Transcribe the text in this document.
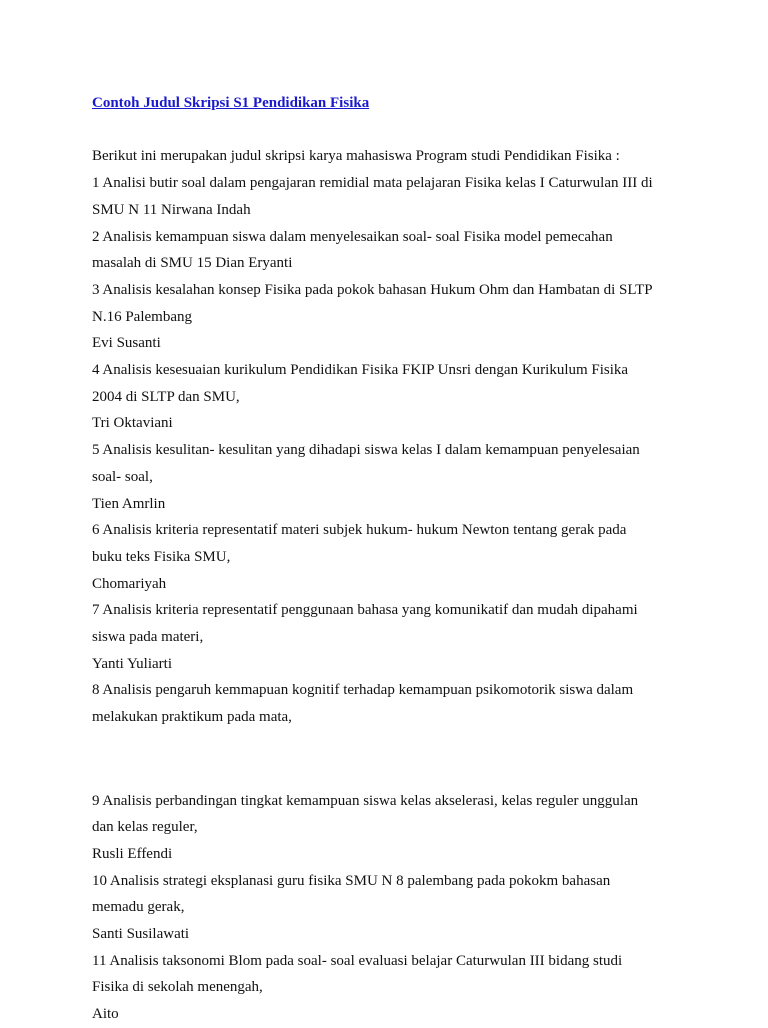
Contoh Judul Skripsi S1 Pendidikan Fisika

Berikut ini merupakan judul skripsi karya mahasiswa Program studi Pendidikan Fisika :

1 Analisi butir soal dalam pengajaran remidial mata pelajaran Fisika kelas I Caturwulan III di

SMU N 11 Nirwana Indah

2 Analisis kemampuan siswa dalam menyelesaikan soal- soal Fisika model pemecahan

masalah di SMU 15 Dian Eryanti

3 Analisis kesalahan konsep Fisika pada pokok bahasan Hukum Ohm dan Hambatan di SLTP

N.16 Palembang

Evi Susanti

4 Analisis kesesuaian kurikulum Pendidikan Fisika FKIP Unsri dengan Kurikulum Fisika

2004 di SLTP dan SMU,

Tri Oktaviani

5 Analisis kesulitan- kesulitan yang dihadapi siswa kelas I dalam kemampuan penyelesaian

soal- soal,

Tien Amrlin

6 Analisis kriteria representatif materi subjek hukum- hukum Newton tentang gerak pada

buku teks Fisika SMU,

Chomariyah

7 Analisis kriteria representatif penggunaan bahasa yang komunikatif dan mudah dipahami

siswa pada materi,

Yanti Yuliarti

8 Analisis pengaruh kemmapuan kognitif terhadap kemampuan psikomotorik siswa dalam

melakukan praktikum pada mata,

9 Analisis perbandingan tingkat kemampuan siswa kelas akselerasi, kelas reguler unggulan

dan kelas reguler,

Rusli Effendi

10 Analisis strategi eksplanasi guru fisika SMU N 8 palembang pada pokokm bahasan

memadu gerak,

Santi Susilawati

11 Analisis taksonomi Blom pada soal- soal evaluasi belajar Caturwulan III bidang studi

Fisika di sekolah menengah,

Aito
